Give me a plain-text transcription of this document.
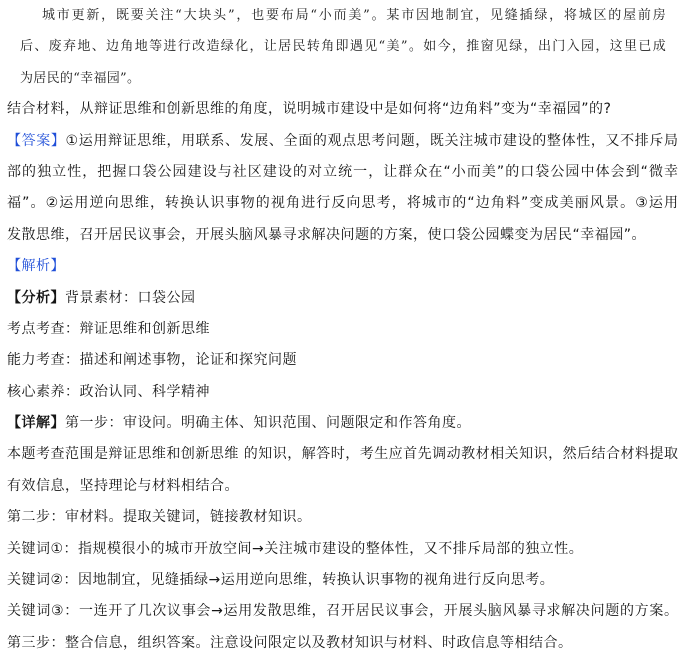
城市更新，既要关注“大块头”，也要布局“小而美”。某市因地制宜，见缝插绿，将城区的屋前房
后、废弃地、边角地等进行改造绿化，让居民转角即遇见“美”。如今，推窗见绿，出门入园，这里已成
为居民的“幸福园”。
结合材料，从辩证思维和创新思维的角度，说明城市建设中是如何将“边角料”变为“幸福园”的?
【答案】①运用辩证思维，用联系、发展、全面的观点思考问题，既关注城市建设的整体性，又不排斥局
部的独立性，把握口袋公园建设与社区建设的对立统一，让群众在“小而美”的口袋公园中体会到“微幸
福”。②运用逆向思维，转换认识事物的视角进行反向思考，将城市的“边角料”变成美丽风景。③运用
发散思维，召开居民议事会，开展头脑风暴寻求解决问题的方案，使口袋公园蝶变为居民“幸福园”。
【解析】
【分析】背景素材：口袋公园
考点考查：辩证思维和创新思维
能力考查：描述和阐述事物，论证和探究问题
核心素养：政治认同、科学精神
【详解】第一步：审设问。明确主体、知识范围、问题限定和作答角度。
本题考查范围是辩证思维和创新思维 的知识，解答时，考生应首先调动教材相关知识，然后结合材料提取
有效信息，坚持理论与材料相结合。
第二步：审材料。提取关键词，链接教材知识。
关键词①：指规模很小的城市开放空间→关注城市建设的整体性，又不排斥局部的独立性。
关键词②：因地制宜，见缝插绿→运用逆向思维，转换认识事物的视角进行反向思考。
关键词③：一连开了几次议事会→运用发散思维，召开居民议事会，开展头脑风暴寻求解决问题的方案。
第三步：整合信息，组织答案。注意设问限定以及教材知识与材料、时政信息等相结合。
